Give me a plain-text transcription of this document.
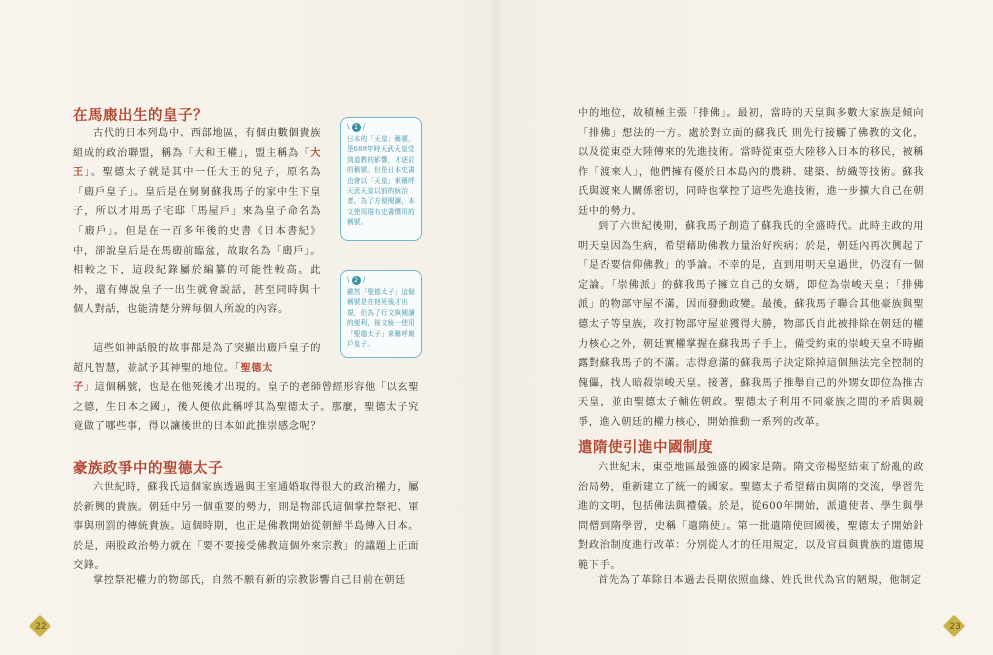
在馬廄出生的皇子？

古代的日本列島中、西部地區，有個由數個貴族組成的政治聯盟，稱為「大和王權」，盟主稱為「大王」。聖德太子就是其中一任大王的兒子，原名為「廄戶皇子」。皇后是在舅舅蘇我馬子的家中生下皇子，所以才用馬子宅邸「馬屋戶」來為皇子命名為「廄戶」。但是在一百多年後的史書《日本書紀》中，卻說皇后是在馬廄前臨盆，故取名為「廄戶」。相較之下，這段紀錄屬於編纂的可能性較高。此外，還有傳說皇子一出生就會說話，甚至同時與十個人對話，也能清楚分辨每個人所說的內容。

這些如神話般的故事都是為了突顯出廄戶皇子的超凡智慧，並試予其神聖的地位。「聖德太

子」這個稱號，也是在他死後才出現的。皇子的老師曾經形容他「以玄聖之德，生日本之國」，後人便依此稱呼其為聖德太子。那麼，聖德太子究竟做了哪些事，得以讓後世的日本如此推崇感念呢？

\ 1 /

日本的「天皇」稱號，是689年時天武天皇受到道教的影響，才逐訂的稱號。但是日本史書也會以「天皇」來稱呼天武天皇以前的統治者。為了方便閱讀，本文使用現有史書慣用的稱號。

\ 2 /

雖然「聖德太子」這個稱號是在他死後才出現，但為了行文與閱讀的便利，後文統一使用「聖德太子」來稱呼廄戶皇子。

豪族政爭中的聖德太子

六世紀時，蘇我氏這個家族透過與王室通婚取得很大的政治權力，屬於新興的貴族。朝廷中另一個重要的勢力，則是物部氏這個掌控祭祀、軍事與刑罰的傳統貴族。這個時期，也正是佛教開始從朝鮮半島傳入日本。於是，兩股政治勢力就在「要不要接受佛教這個外來宗教」的議題上正面交鋒。

掌控祭祀權力的物部氏，自然不願有新的宗教影響自己目前在朝廷

22

中的地位，故積極主張「排佛」。最初，當時的天皇與多數大家族是傾向「排佛」想法的一方。處於對立面的蘇我氏 則先行接觸了佛教的文化，以及從東亞大陸傳來的先進技術。當時從東亞大陸移入日本的移民，被稱作「渡來人」，他們擁有優於日本島內的農耕、建築、紡織等技術。蘇我氏與渡來人關係密切，同時也掌控了這些先進技術，進一步擴大自己在朝廷中的勢力。

到了六世紀後期，蘇我馬子創造了蘇我氏的全盛時代。此時主政的用明天皇因為生病，希望藉助佛教力量治好疾病；於是，朝廷內再次興起了「是否要信仰佛教」的爭論。不幸的是，直到用明天皇過世，仍沒有一個定論。「崇佛派」的蘇我馬子擁立自己的女婿，即位為崇峻天皇；「排佛派」的物部守屋不滿，因而發動政變。最後，蘇我馬子聯合其他豪族與聖德太子等皇族，攻打物部守屋並獲得大勝，物部氏自此被排除在朝廷的權力核心之外，朝廷實權掌握在蘇我馬子手上，備受約束的崇峻天皇不時顯露對蘇我馬子的不滿。志得意滿的蘇我馬子決定除掉這個無法完全控制的傀儡，找人暗殺崇峻天皇。接著，蘇我馬子推舉自己的外甥女即位為推古天皇，並由聖德太子輔佐朝政。聖德太子利用不同豪族之間的矛盾與競爭，進入朝廷的權力核心，開始推動一系列的改革。

遣隋使引進中國制度

六世紀末，東亞地區最強盛的國家是隋。隋文帝楊堅結束了紛亂的政治局勢，重新建立了統一的國家。聖德太子希望藉由與隋的交流，學習先進的文明，包括佛法與禮儀。於是，從600年開始，派遣使者、學生與學問僧到隋學習，史稱「遣隋使」。第一批遣隋使回國後，聖德太子開始針對政治制度進行改革：分別從人才的任用規定，以及官員與貴族的道德規範下手。

首先為了革除日本過去長期依照血緣、姓氏世代為官的陋規，他制定

23
